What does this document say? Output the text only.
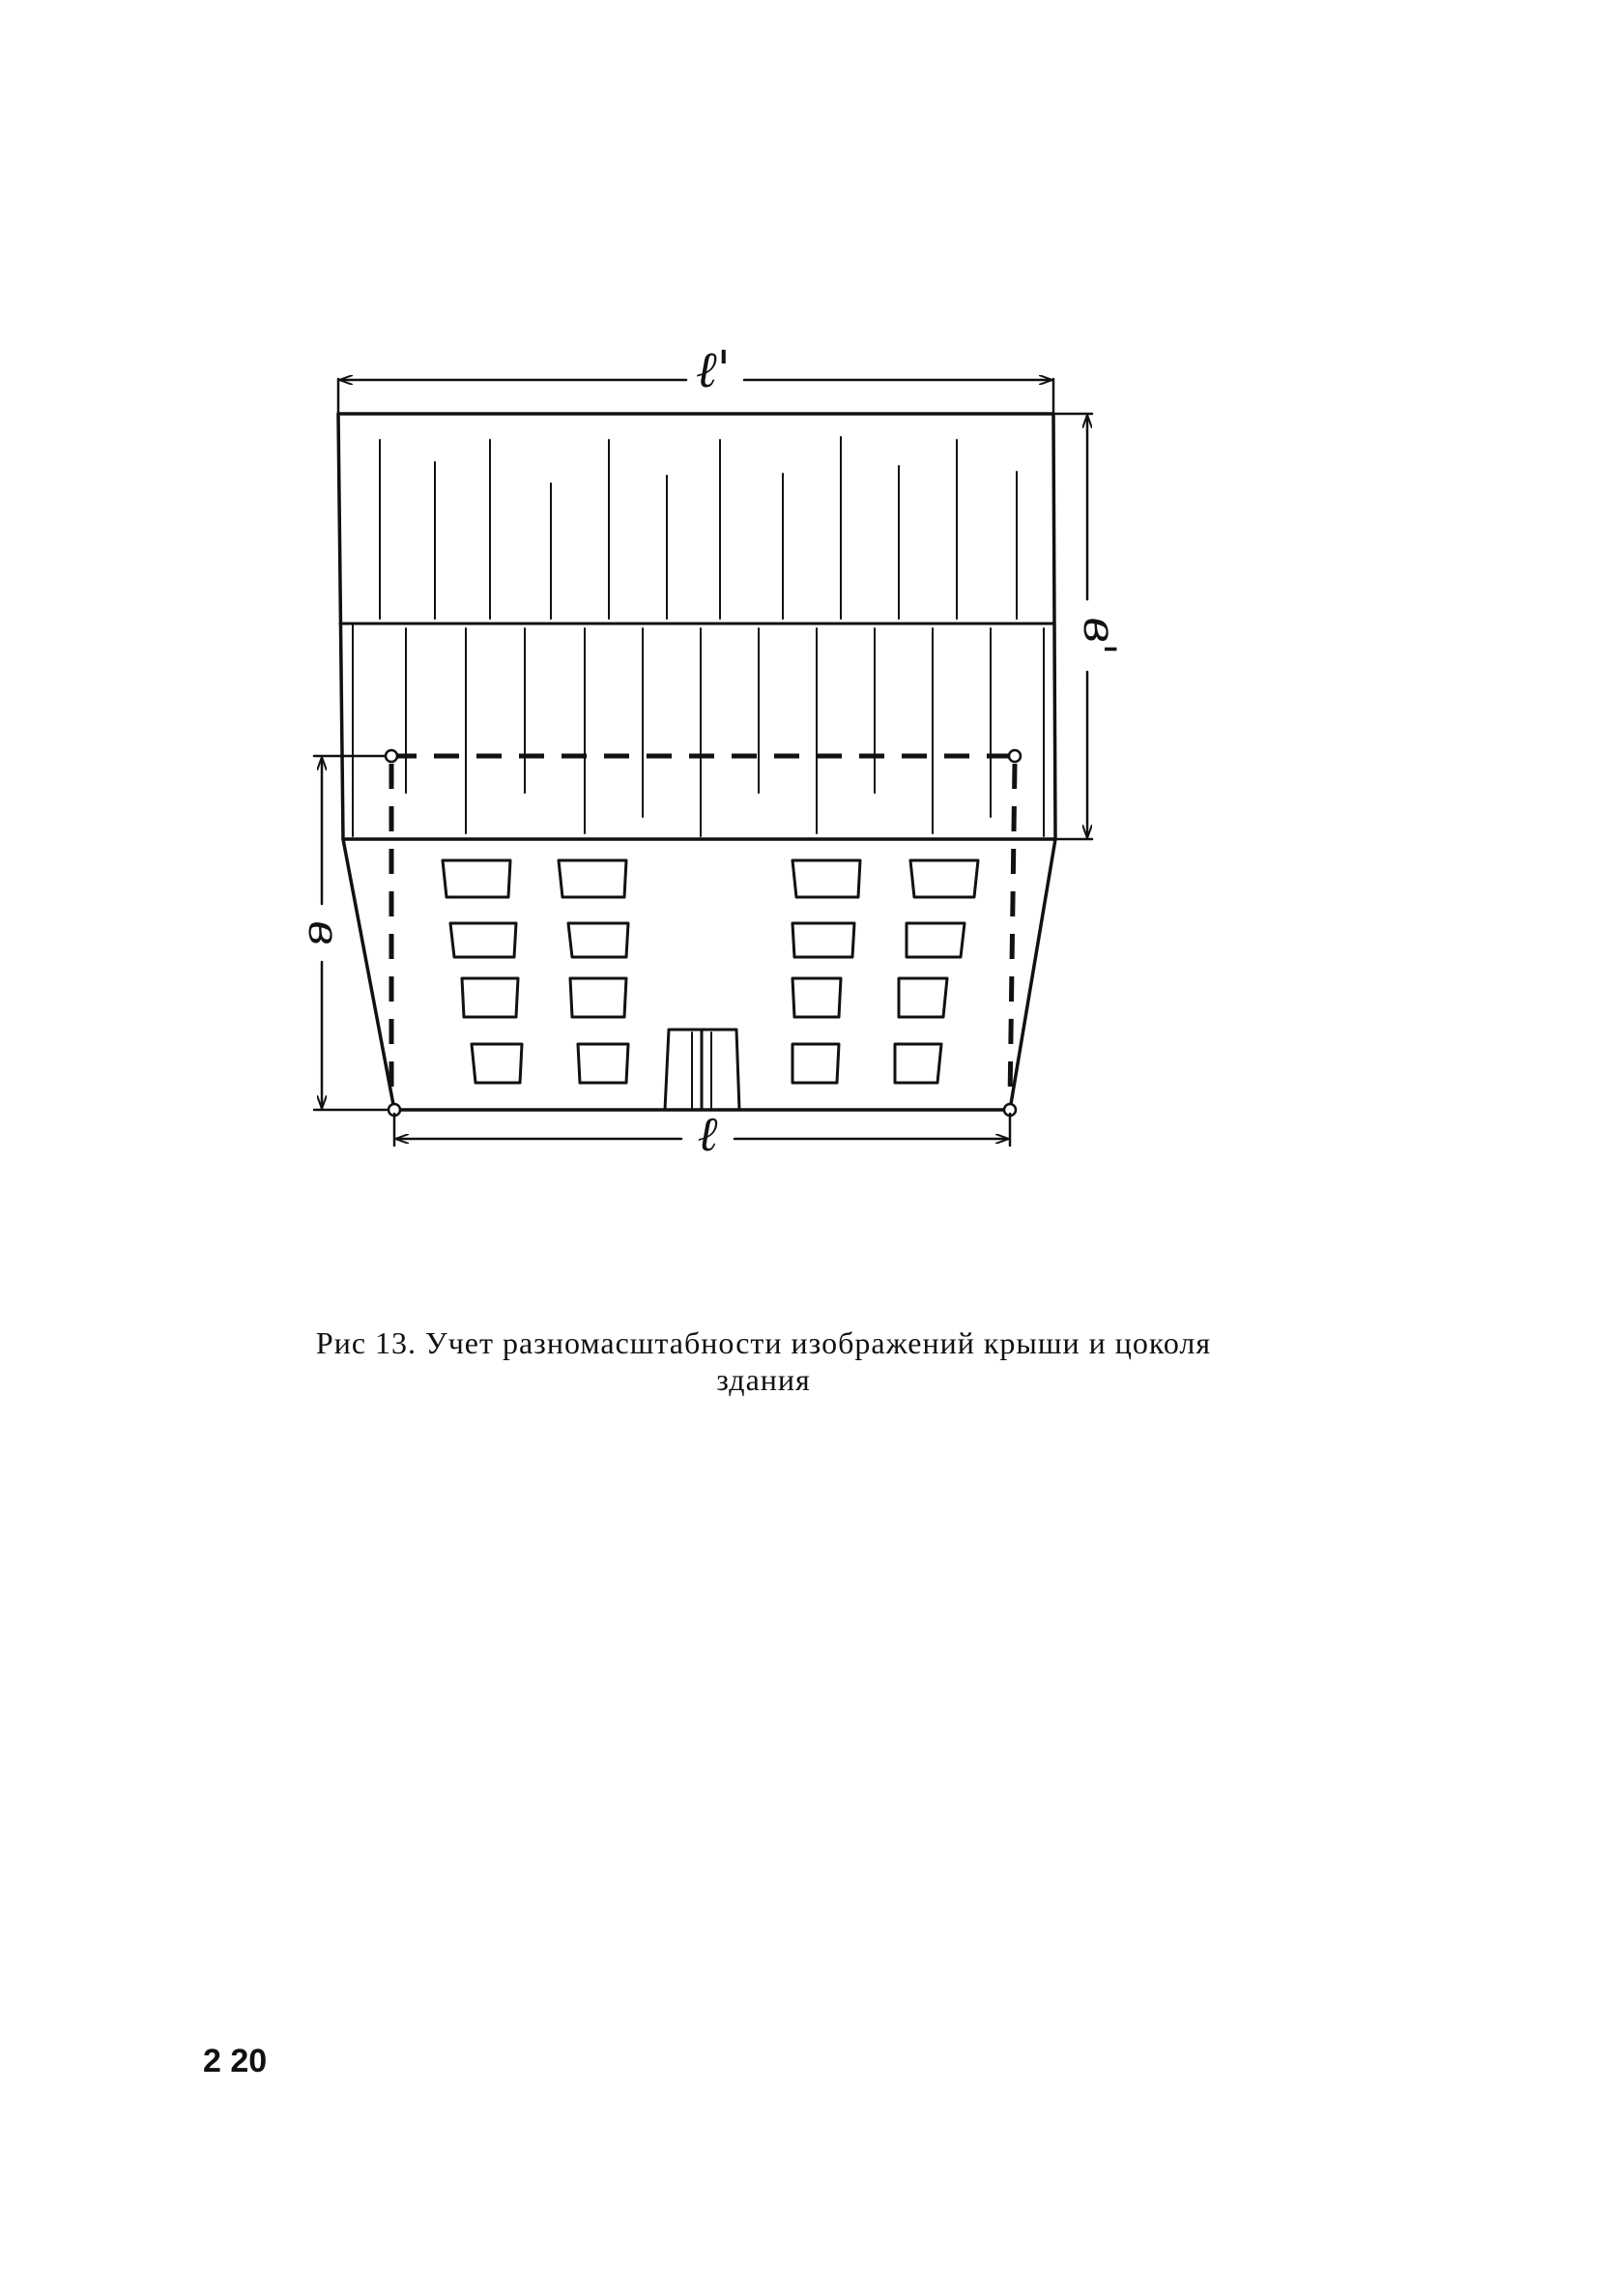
ℓ'
в'
в
ℓ
Рис 13. Учет разномасштабности изображений крыши и цоколя
здания
2 20
